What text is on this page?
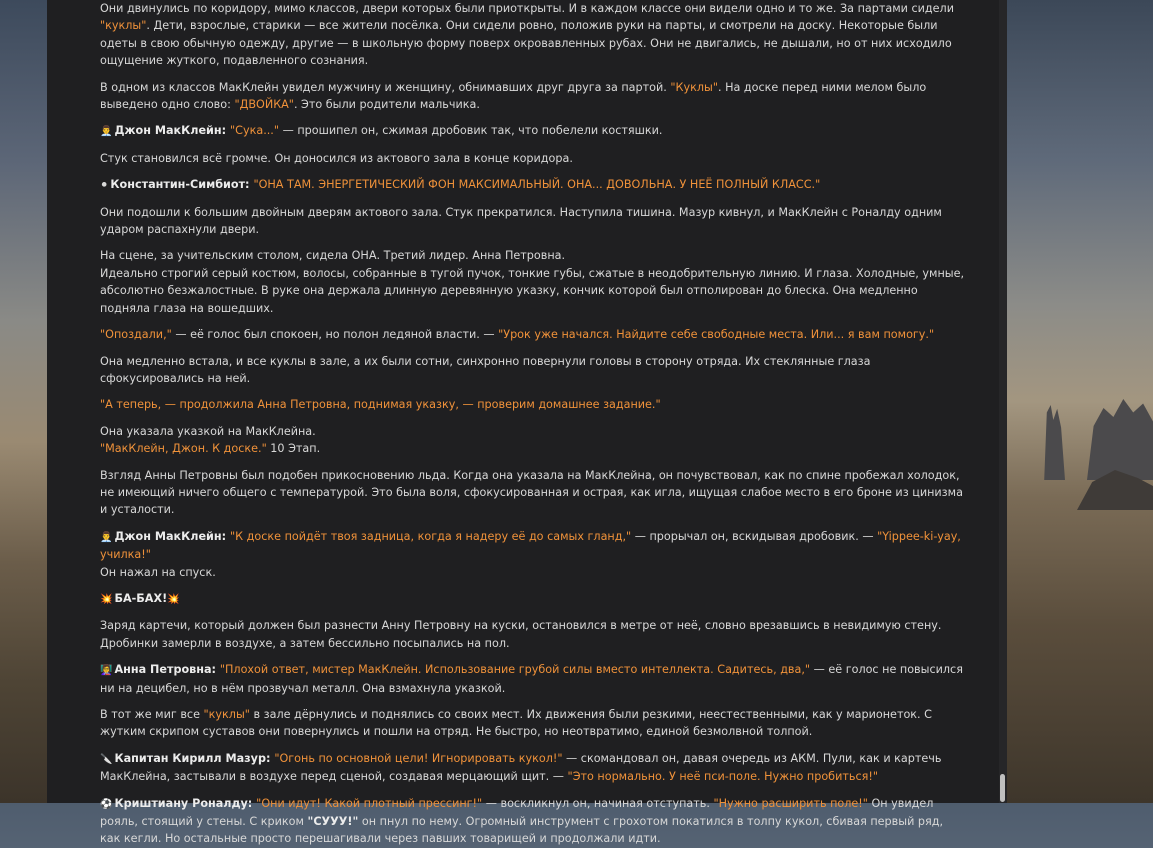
Они двинулись по коридору, мимо классов, двери которых были приоткрыты. И в каждом классе они видели одно и то же. За партами сидели "куклы". Дети, взрослые, старики — все жители посёлка. Они сидели ровно, положив руки на парты, и смотрели на доску. Некоторые были одеты в свою обычную одежду, другие — в школьную форму поверх окровавленных рубах. Они не двигались, не дышали, но от них исходило ощущение жуткого, подавленного сознания.

В одном из классов МакКлейн увидел мужчину и женщину, обнимавших друг друга за партой. "Куклы". На доске перед ними мелом было выведено одно слово: "ДВОЙКА". Это были родители мальчика.

👨‍💼 Джон МакКлейн: "Сука..." — прошипел он, сжимая дробовик так, что побелели костяшки.

Стук становился всё громче. Он доносился из актового зала в конце коридора.

⚫ Константин-Симбиот: "ОНА ТАМ. ЭНЕРГЕТИЧЕСКИЙ ФОН МАКСИМАЛЬНЫЙ. ОНА... ДОВОЛЬНА. У НЕЁ ПОЛНЫЙ КЛАСС."

Они подошли к большим двойным дверям актового зала. Стук прекратился. Наступила тишина. Мазур кивнул, и МакКлейн с Роналду одним ударом распахнули двери.

На сцене, за учительским столом, сидела ОНА. Третий лидер. Анна Петровна.
Идеально строгий серый костюм, волосы, собранные в тугой пучок, тонкие губы, сжатые в неодобрительную линию. И глаза. Холодные, умные, абсолютно безжалостные. В руке она держала длинную деревянную указку, кончик которой был отполирован до блеска. Она медленно подняла глаза на вошедших.

"Опоздали," — её голос был спокоен, но полон ледяной власти. — "Урок уже начался. Найдите себе свободные места. Или... я вам помогу."

Она медленно встала, и все куклы в зале, а их были сотни, синхронно повернули головы в сторону отряда. Их стеклянные глаза сфокусировались на ней.

"А теперь, — продолжила Анна Петровна, поднимая указку, — проверим домашнее задание."

Она указала указкой на МакКлейна.
"МакКлейн, Джон. К доске." 10 Этап.

Взгляд Анны Петровны был подобен прикосновению льда. Когда она указала на МакКлейна, он почувствовал, как по спине пробежал холодок, не имеющий ничего общего с температурой. Это была воля, сфокусированная и острая, как игла, ищущая слабое место в его броне из цинизма и усталости.

👨‍💼 Джон МакКлейн: "К доске пойдёт твоя задница, когда я надеру её до самых гланд," — прорычал он, вскидывая дробовик. — "Yippee-ki-yay, училка!"
Он нажал на спуск.

💥 БА-БАХ!💥

Заряд картечи, который должен был разнести Анну Петровну на куски, остановился в метре от неё, словно врезавшись в невидимую стену. Дробинки замерли в воздухе, а затем бессильно посыпались на пол.

👩‍🏫 Анна Петровна: "Плохой ответ, мистер МакКлейн. Использование грубой силы вместо интеллекта. Садитесь, два," — её голос не повысился ни на децибел, но в нём прозвучал металл. Она взмахнула указкой.

В тот же миг все "куклы" в зале дёрнулись и поднялись со своих мест. Их движения были резкими, неестественными, как у марионеток. С жутким скрипом суставов они повернулись и пошли на отряд. Не быстро, но неотвратимо, единой безмолвной толпой.

🔪 Капитан Кирилл Мазур: "Огонь по основной цели! Игнорировать кукол!" — скомандовал он, давая очередь из АКМ. Пули, как и картечь МакКлейна, застывали в воздухе перед сценой, создавая мерцающий щит. — "Это нормально. У неё пси-поле. Нужно пробиться!"

⚽ Криштиану Роналду: "Они идут! Какой плотный прессинг!" — воскликнул он, начиная отступать. "Нужно расширить поле!" Он увидел рояль, стоящий у стены. С криком "СУУУ!" он пнул по нему. Огромный инструмент с грохотом покатился в толпу кукол, сбивая первый ряд, как кегли. Но остальные просто перешагивали через павших товарищей и продолжали идти.
